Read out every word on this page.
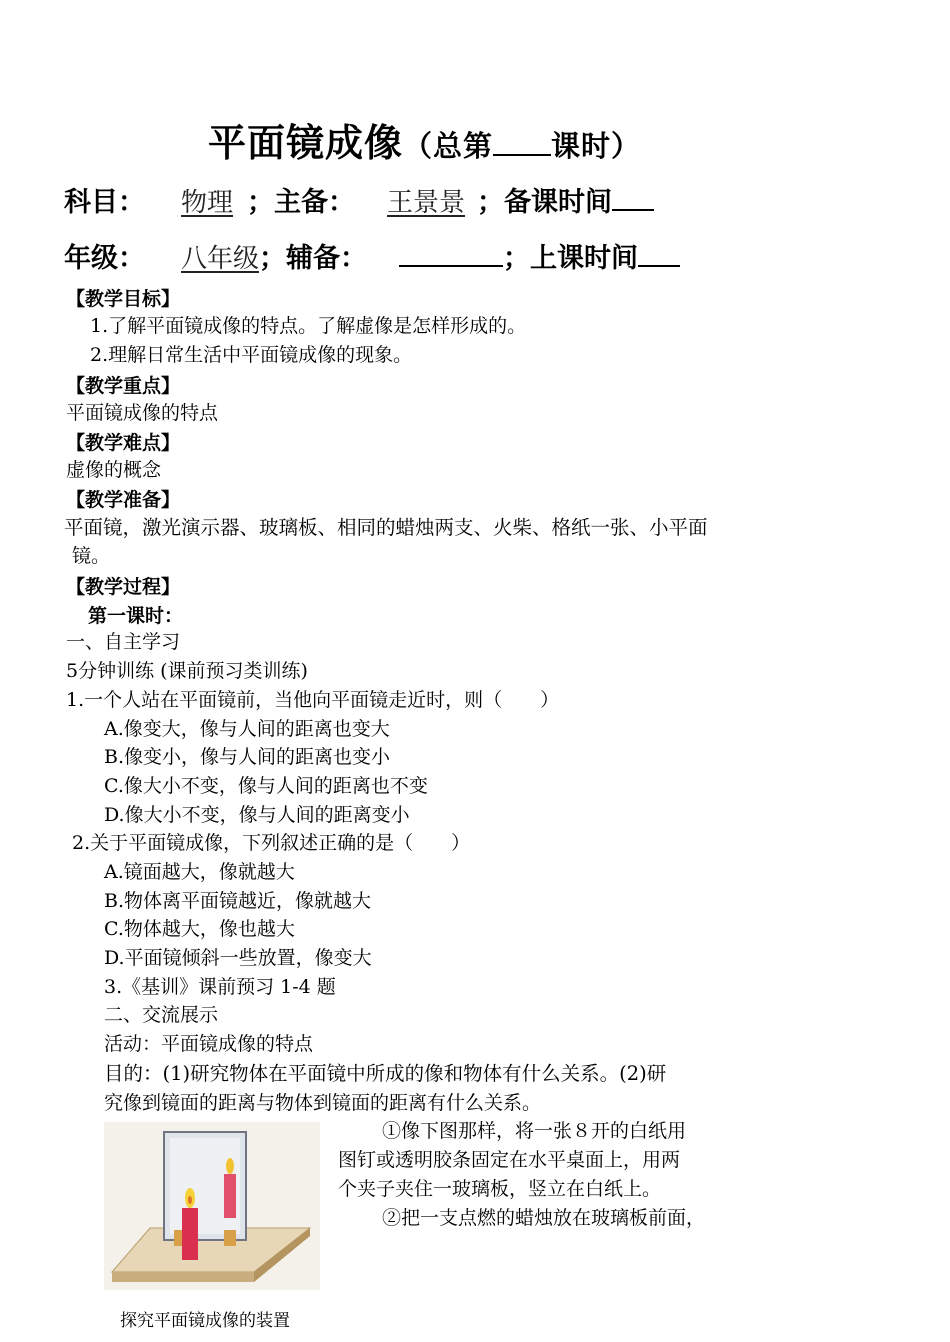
平面镜成像（总第 课时）
科目： 物理 ；主备： 王景景 ；备课时间
年级： 八年级；辅备：	；上课时间
【教学目标】
1.了解平面镜成像的特点。了解虚像是怎样形成的。
2.理解日常生活中平面镜成像的现象。
【教学重点】
平面镜成像的特点
【教学难点】
虚像的概念
【教学准备】
平面镜，激光演示器、玻璃板、相同的蜡烛两支、火柴、格纸一张、小平面
镜。
【教学过程】
第一课时：
一、自主学习
5分钟训练 (课前预习类训练)
1.一个人站在平面镜前，当他向平面镜走近时，则（　　）
A.像变大，像与人间的距离也变大
B.像变小，像与人间的距离也变小
C.像大小不变，像与人间的距离也不变
D.像大小不变，像与人间的距离变小
2.关于平面镜成像，下列叙述正确的是（　　）
A.镜面越大，像就越大
B.物体离平面镜越近，像就越大
C.物体越大，像也越大
D.平面镜倾斜一些放置，像变大
3.《基训》课前预习 1-4 题
二、交流展示
活动：平面镜成像的特点
目的：(1)研究物体在平面镜中所成的像和物体有什么关系。(2)研
究像到镜面的距离与物体到镜面的距离有什么关系。
①像下图那样，将一张８开的白纸用
图钉或透明胶条固定在水平桌面上，用两
个夹子夹住一玻璃板，竖立在白纸上。
②把一支点燃的蜡烛放在玻璃板前面，
探究平面镜成像的装置
